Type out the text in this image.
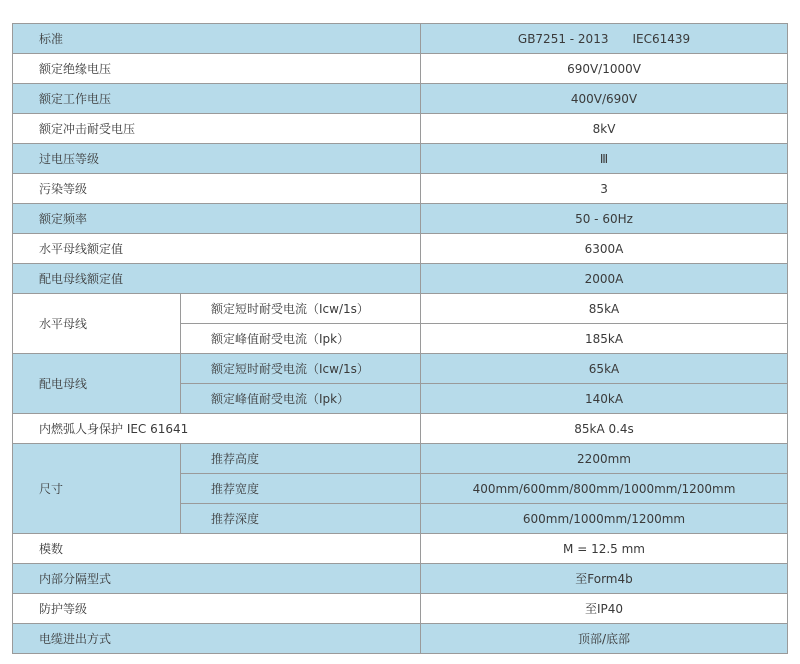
标准		GB7251 - 2013　　IEC61439
额定绝缘电压		690V/1000V
额定工作电压		400V/690V
额定冲击耐受电压		8kV
过电压等级		Ⅲ
污染等级		3
额定频率		50 - 60Hz
水平母线额定值		6300A
配电母线额定值		2000A
水平母线	额定短时耐受电流（Icw/1s）	85kA
	额定峰值耐受电流（Ipk）	185kA
配电母线	额定短时耐受电流（Icw/1s）	65kA
	额定峰值耐受电流（Ipk）	140kA
内燃弧人身保护 IEC 61641		85kA 0.4s
尺寸	推荐高度	2200mm
	推荐宽度	400mm/600mm/800mm/1000mm/1200mm
	推荐深度	600mm/1000mm/1200mm
模数		M = 12.5 mm
内部分隔型式		至Form4b
防护等级		至IP40
电缆进出方式		顶部/底部
